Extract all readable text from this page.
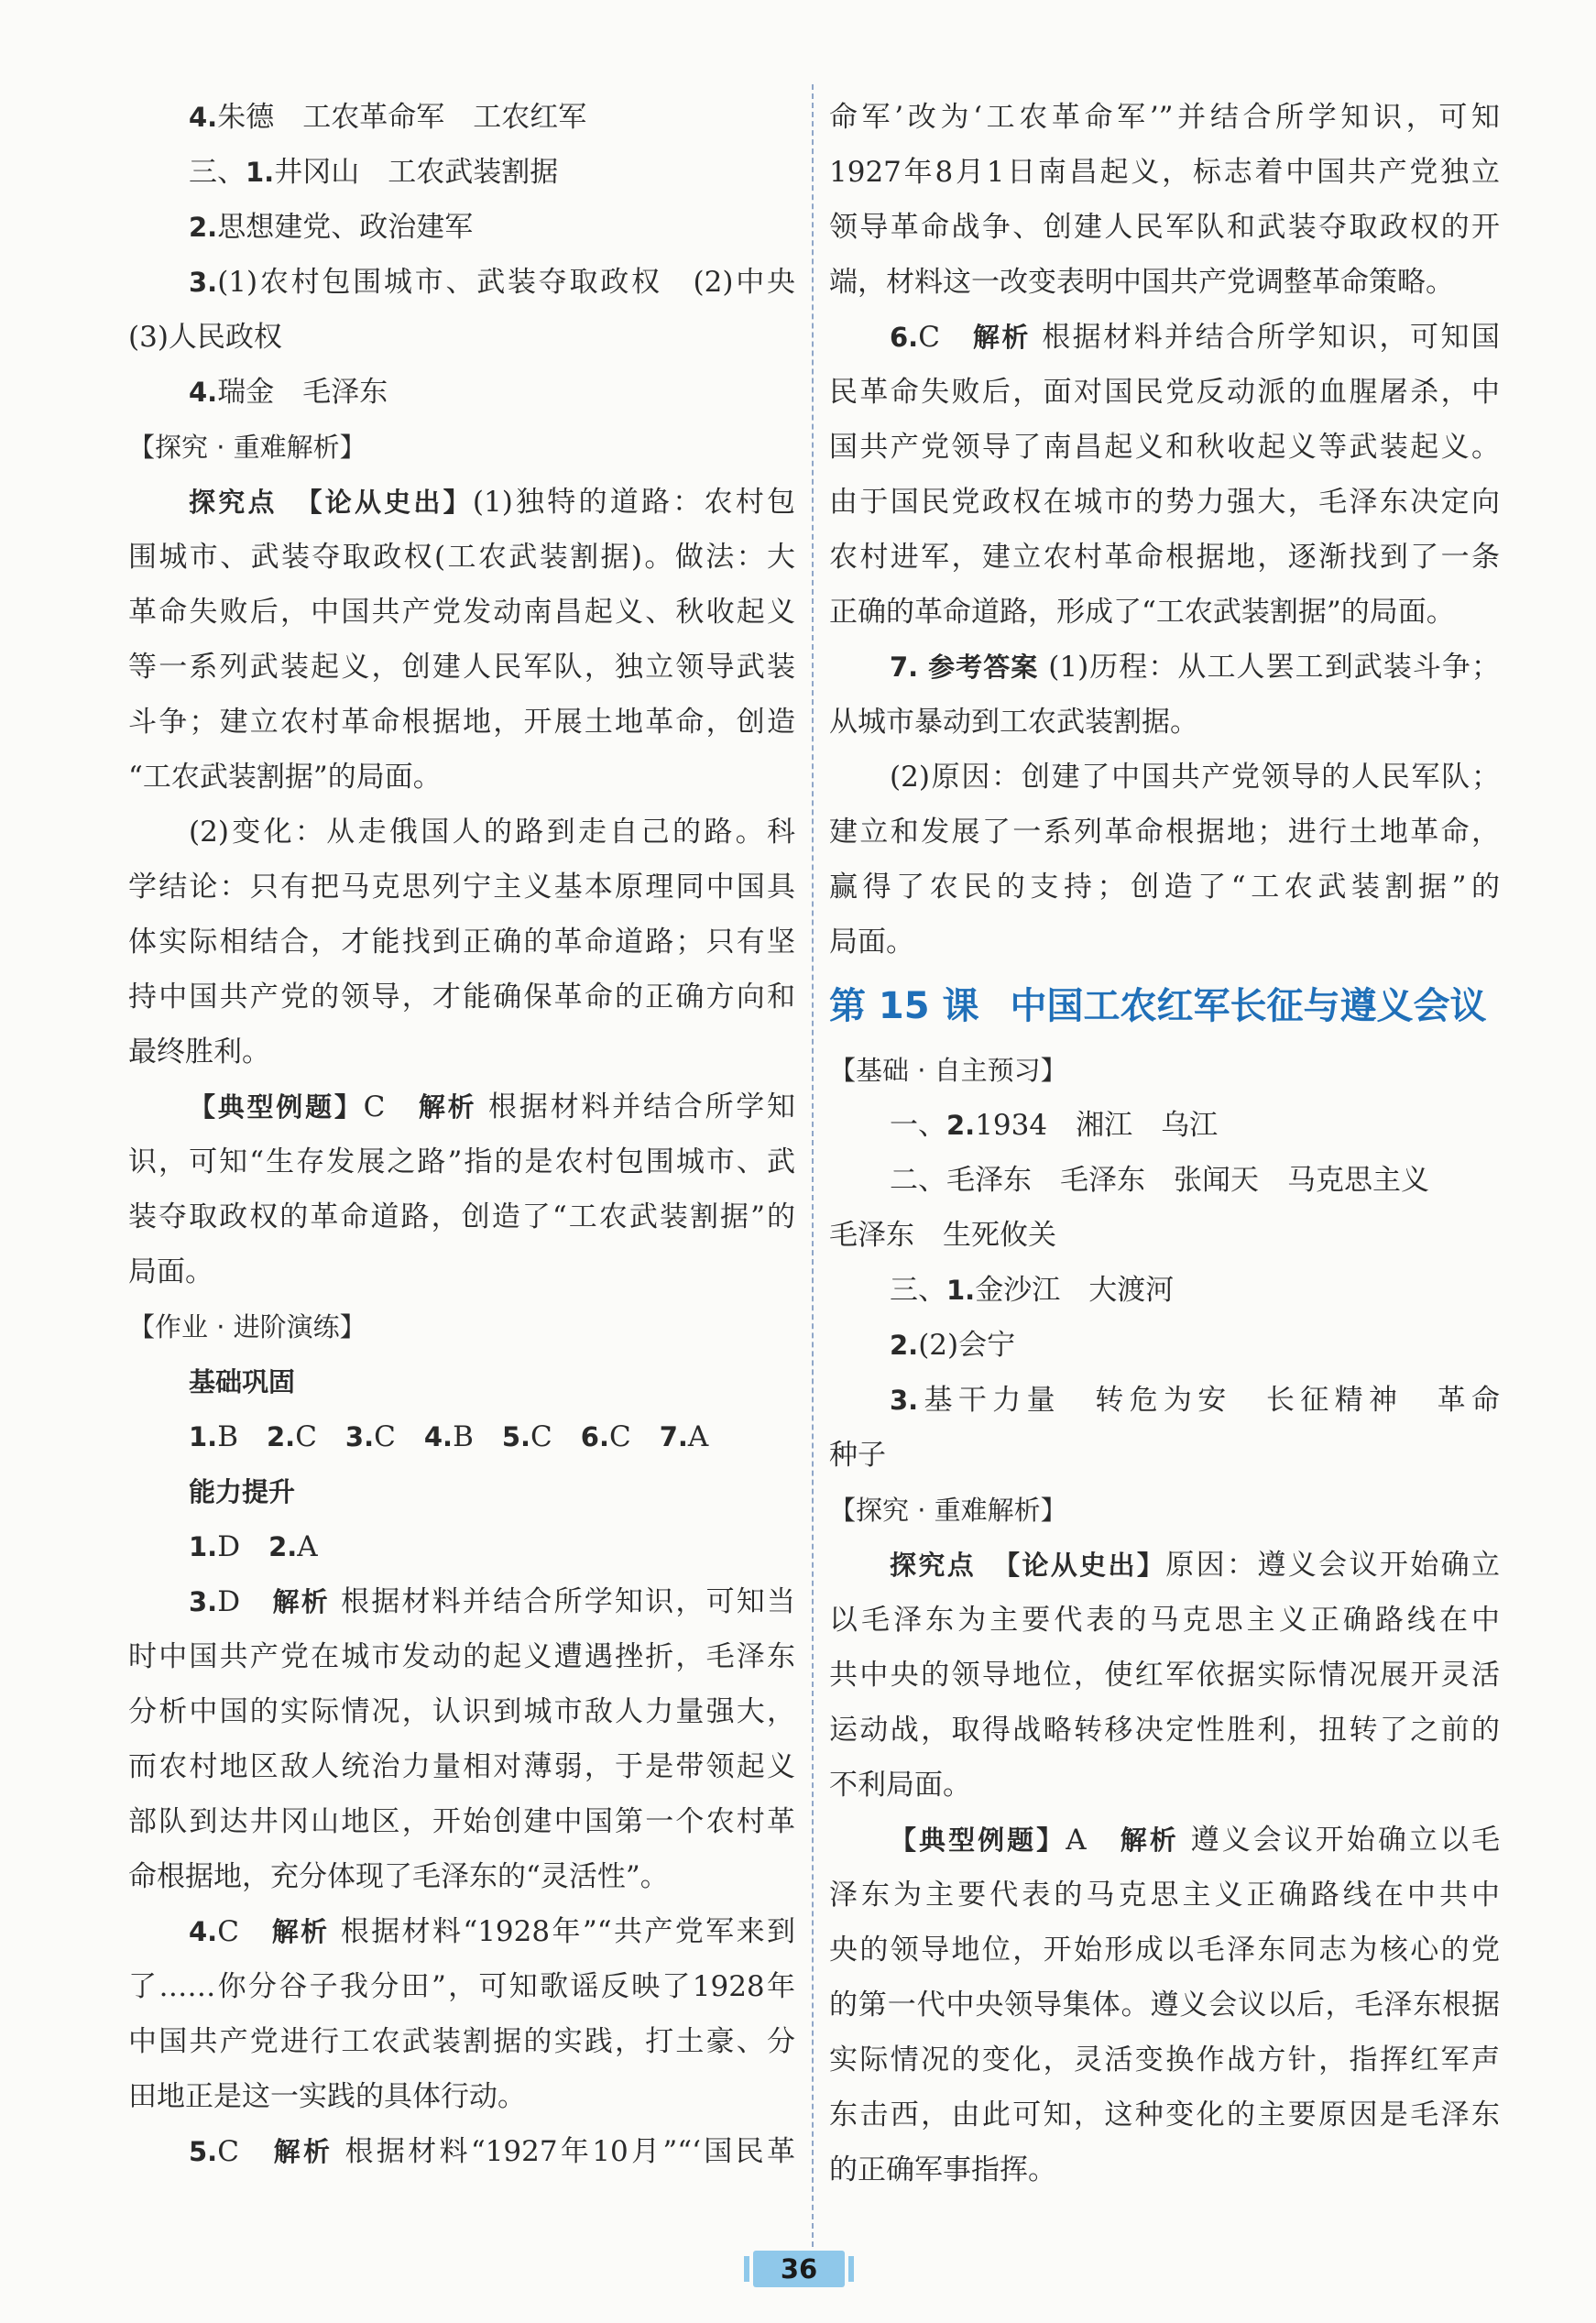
4.朱德　工农革命军　工农红军
三、1.井冈山　工农武装割据
2.思想建党、政治建军
3.(1)农村包围城市、武装夺取政权　(2)中央
(3)人民政权
4.瑞金　毛泽东
【探究 · 重难解析】
探究点　 【论从史出】(1)独特的道路：农村包
围城市、武装夺取政权(工农武装割据)。做法：大
革命失败后，中国共产党发动南昌起义、秋收起义
等一系列武装起义，创建人民军队，独立领导武装
斗争；建立农村革命根据地，开展土地革命，创造
“工农武装割据”的局面。
(2)变化：从走俄国人的路到走自己的路。科
学结论：只有把马克思列宁主义基本原理同中国具
体实际相结合，才能找到正确的革命道路；只有坚
持中国共产党的领导，才能确保革命的正确方向和
最终胜利。
【典型例题】C　解析 根据材料并结合所学知
识，可知“生存发展之路”指的是农村包围城市、武
装夺取政权的革命道路，创造了“工农武装割据”的
局面。
【作业 · 进阶演练】
基础巩固
1.B　2.C　3.C　4.B　5.C　6.C　7.A
能力提升
1.D　2.A
3.D　解析 根据材料并结合所学知识，可知当
时中国共产党在城市发动的起义遭遇挫折，毛泽东
分析中国的实际情况，认识到城市敌人力量强大，
而农村地区敌人统治力量相对薄弱，于是带领起义
部队到达井冈山地区，开始创建中国第一个农村革
命根据地，充分体现了毛泽东的“灵活性”。
4.C　解析 根据材料“1928年”“共产党军来到
了……你分谷子我分田”，可知歌谣反映了1928年
中国共产党进行工农武装割据的实践，打土豪、分
田地正是这一实践的具体行动。
5.C　解析 根据材料“1927年10月”“‘国民革
命军’改为‘工农革命军’”并结合所学知识，可知
1927年8月1日南昌起义，标志着中国共产党独立
领导革命战争、创建人民军队和武装夺取政权的开
端，材料这一改变表明中国共产党调整革命策略。
6.C　解析 根据材料并结合所学知识，可知国
民革命失败后，面对国民党反动派的血腥屠杀，中
国共产党领导了南昌起义和秋收起义等武装起义。
由于国民党政权在城市的势力强大，毛泽东决定向
农村进军，建立农村革命根据地，逐渐找到了一条
正确的革命道路，形成了“工农武装割据”的局面。
7. 参考答案 (1)历程：从工人罢工到武装斗争；
从城市暴动到工农武装割据。
(2)原因：创建了中国共产党领导的人民军队；
建立和发展了一系列革命根据地；进行土地革命，
赢得了农民的支持；创造了“工农武装割据”的
局面。
第 15 课 中国工农红军长征与遵义会议
【基础 · 自主预习】
一、2.1934　湘江　乌江
二、毛泽东　毛泽东　张闻天　马克思主义
毛泽东　生死攸关
三、1.金沙江　大渡河
2.(2)会宁
3.基干力量　转危为安　长征精神　革命
种子
【探究 · 重难解析】
探究点　 【论从史出】原因：遵义会议开始确立
以毛泽东为主要代表的马克思主义正确路线在中
共中央的领导地位，使红军依据实际情况展开灵活
运动战，取得战略转移决定性胜利，扭转了之前的
不利局面。
【典型例题】A　解析 遵义会议开始确立以毛
泽东为主要代表的马克思主义正确路线在中共中
央的领导地位，开始形成以毛泽东同志为核心的党
的第一代中央领导集体。遵义会议以后，毛泽东根据
实际情况的变化，灵活变换作战方针，指挥红军声
东击西，由此可知，这种变化的主要原因是毛泽东
的正确军事指挥。
36
